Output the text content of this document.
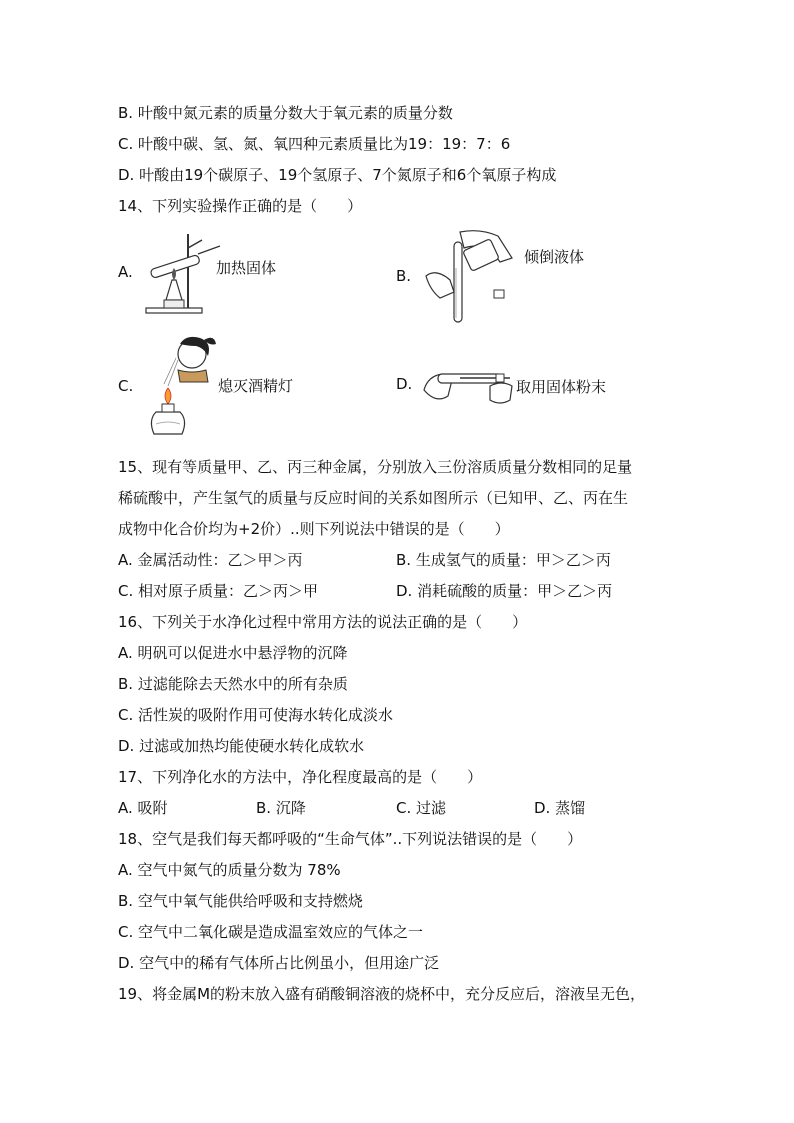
B. 叶酸中氮元素的质量分数大于氧元素的质量分数
C. 叶酸中碳、氢、氮、氧四种元素质量比为19：19：7：6
D. 叶酸由19个碳原子、19个氢原子、7个氮原子和6个氧原子构成
14、下列实验操作正确的是（　　）
A.	加热固体	B.
倾倒液体
C.	熄灭酒精灯	D.	取用固体粉末
15、现有等质量甲、乙、丙三种金属，分别放入三份溶质质量分数相同的足量
稀硫酸中，产生氢气的质量与反应时间的关系如图所示（已知甲、乙、丙在生
成物中化合价均为+2价）..则下列说法中错误的是（　　）
A. 金属活动性：乙＞甲＞丙	B. 生成氢气的质量：甲＞乙＞丙
C. 相对原子质量：乙＞丙＞甲	D. 消耗硫酸的质量：甲＞乙＞丙
16、下列关于水净化过程中常用方法的说法正确的是（　　）
A. 明矾可以促进水中悬浮物的沉降
B. 过滤能除去天然水中的所有杂质
C. 活性炭的吸附作用可使海水转化成淡水
D. 过滤或加热均能使硬水转化成软水
17、下列净化水的方法中，净化程度最高的是（　　）
A. 吸附	B. 沉降	C. 过滤	D. 蒸馏
18、空气是我们每天都呼吸的“生命气体”..下列说法错误的是（　　）
A. 空气中氮气的质量分数为 78%
B. 空气中氧气能供给呼吸和支持燃烧
C. 空气中二氧化碳是造成温室效应的气体之一
D. 空气中的稀有气体所占比例虽小，但用途广泛
19、将金属M的粉末放入盛有硝酸铜溶液的烧杯中，充分反应后，溶液呈无色，
